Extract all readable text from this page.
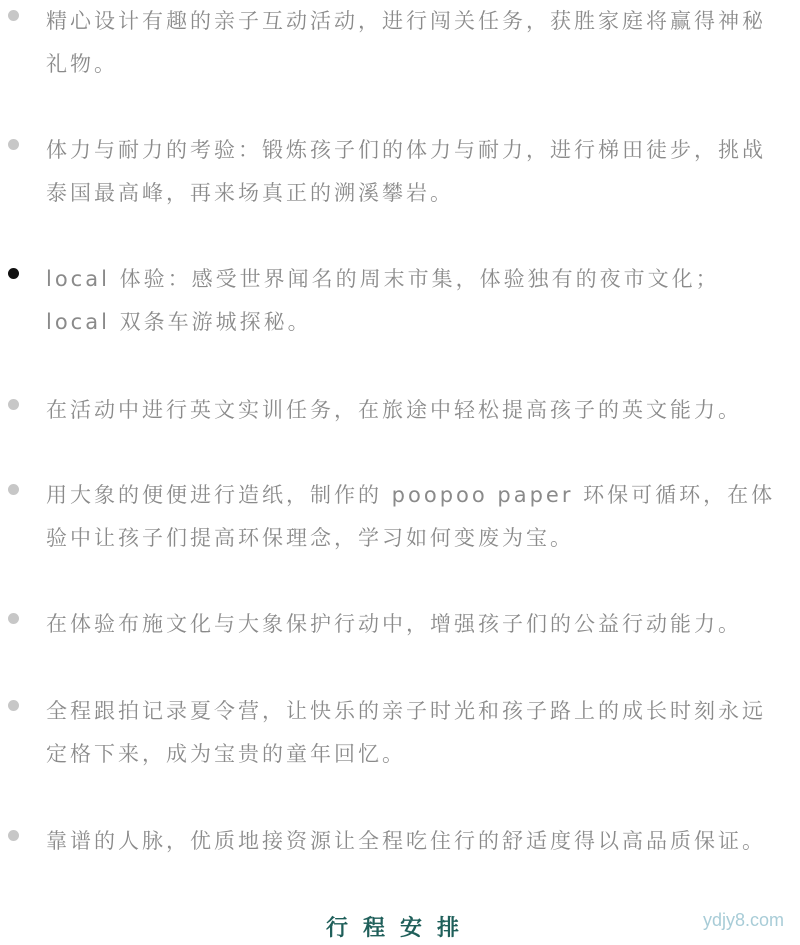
精心设计有趣的亲子互动活动，进行闯关任务，获胜家庭将赢得神秘礼物。
体力与耐力的考验：锻炼孩子们的体力与耐力，进行梯田徒步，挑战泰国最高峰，再来场真正的溯溪攀岩。
local 体验：感受世界闻名的周末市集，体验独有的夜市文化；local 双条车游城探秘。
在活动中进行英文实训任务，在旅途中轻松提高孩子的英文能力。
用大象的便便进行造纸，制作的 poopoo paper 环保可循环，在体验中让孩子们提高环保理念，学习如何变废为宝。
在体验布施文化与大象保护行动中，增强孩子们的公益行动能力。
全程跟拍记录夏令营，让快乐的亲子时光和孩子路上的成长时刻永远定格下来，成为宝贵的童年回忆。
靠谱的人脉，优质地接资源让全程吃住行的舒适度得以高品质保证。
行程安排	ydjy8.com
